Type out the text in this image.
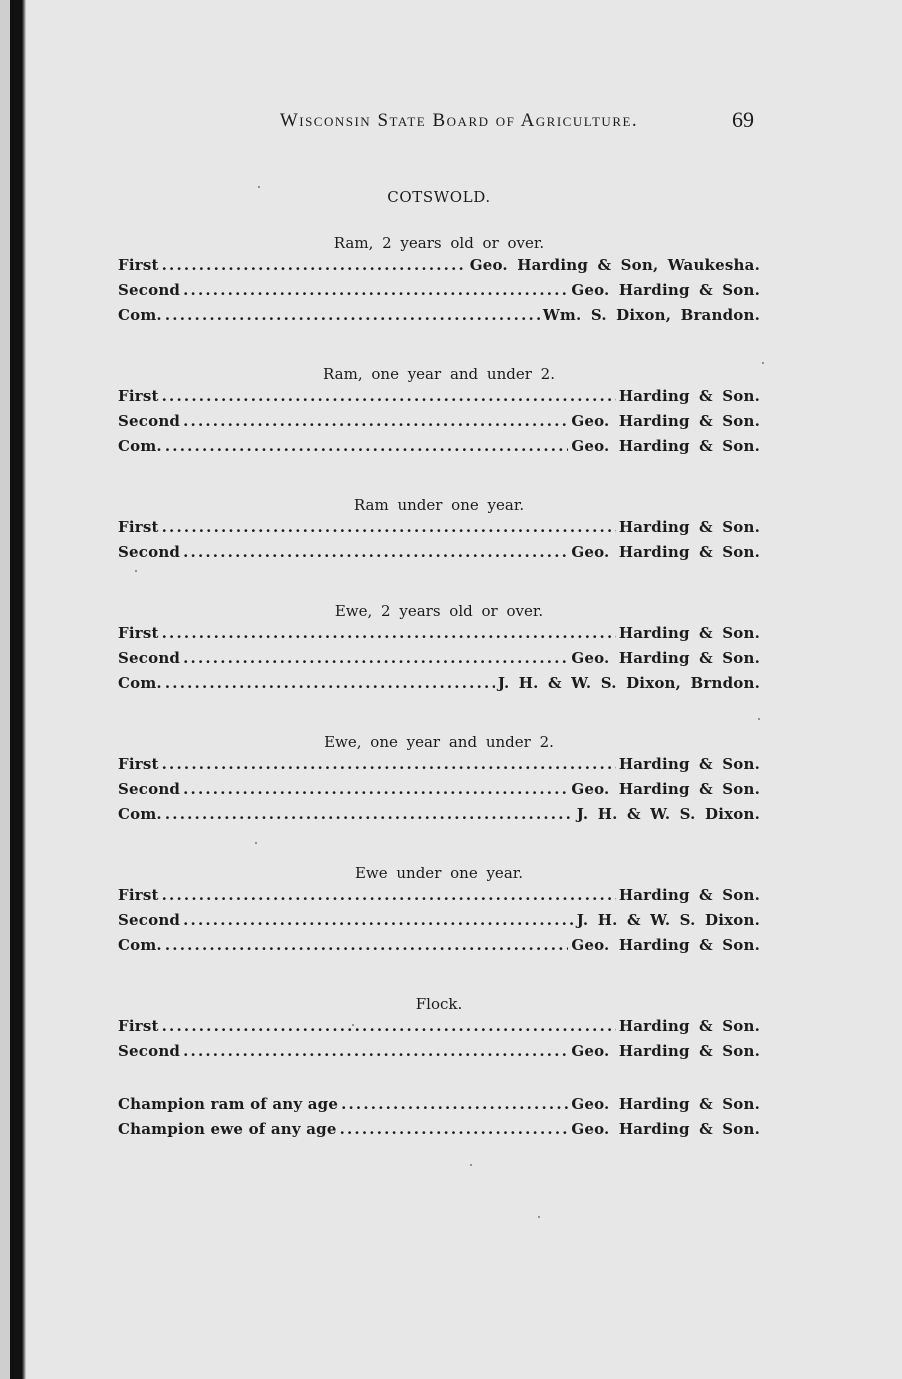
Wisconsin State Board of Agriculture.	69
COTSWOLD.
Ram, 2 years old or over.
First .....	Geo. Harding & Son, Waukesha.
Second .....	Geo. Harding & Son.
Com. .....	Wm. S. Dixon, Brandon.
Ram, one year and under 2.
First .....	Harding & Son.
Second .....	Geo. Harding & Son.
Com. .....	Geo. Harding & Son.
Ram under one year.
First .....	Harding & Son.
Second .....	Geo. Harding & Son.
Ewe, 2 years old or over.
First .....	Harding & Son.
Second .....	Geo. Harding & Son.
Com. .....	J. H. & W. S. Dixon, Brndon.
Ewe, one year and under 2.
First .....	Harding & Son.
Second .....	Geo. Harding & Son.
Com. .....	J. H. & W. S. Dixon.
Ewe under one year.
First .....	Harding & Son.
Second .....	J. H. & W. S. Dixon.
Com. .....	Geo. Harding & Son.
Flock.
First .....	Harding & Son.
Second .....	Geo. Harding & Son.
Champion ram of any age .....	Geo. Harding & Son.
Champion ewe of any age .....	Geo. Harding & Son.
